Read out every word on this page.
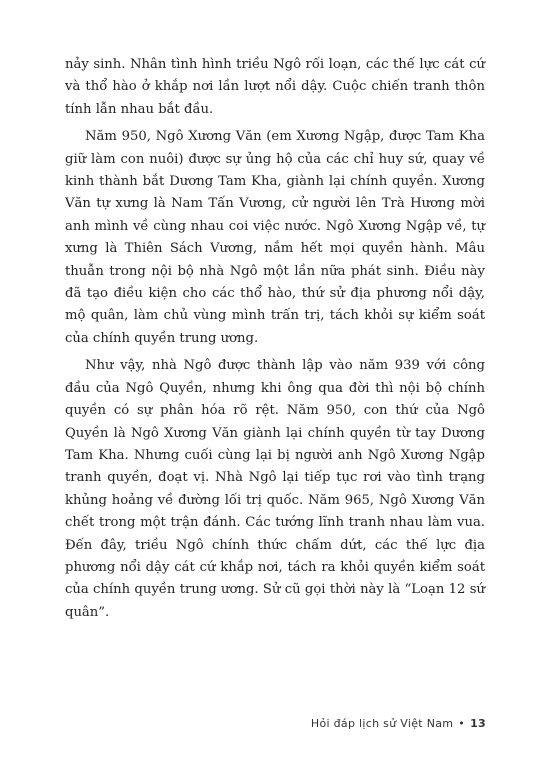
nảy sinh. Nhân tình hình triều Ngô rối loạn, các thế lực cát cứ và thổ hào ở khắp nơi lần lượt nổi dậy. Cuộc chiến tranh thôn tính lẫn nhau bắt đầu.

Năm 950, Ngô Xương Văn (em Xương Ngập, được Tam Kha giữ làm con nuôi) được sự ủng hộ của các chỉ huy sứ, quay về kinh thành bắt Dương Tam Kha, giành lại chính quyền. Xương Văn tự xưng là Nam Tấn Vương, cử người lên Trà Hương mời anh mình về cùng nhau coi việc nước. Ngô Xương Ngập về, tự xưng là Thiên Sách Vương, nắm hết mọi quyền hành. Mâu thuẫn trong nội bộ nhà Ngô một lần nữa phát sinh. Điều này đã tạo điều kiện cho các thổ hào, thứ sử địa phương nổi dậy, mộ quân, làm chủ vùng mình trấn trị, tách khỏi sự kiểm soát của chính quyền trung ương.

Như vậy, nhà Ngô được thành lập vào năm 939 với công đầu của Ngô Quyền, nhưng khi ông qua đời thì nội bộ chính quyền có sự phân hóa rõ rệt. Năm 950, con thứ của Ngô Quyền là Ngô Xương Văn giành lại chính quyền từ tay Dương Tam Kha. Nhưng cuối cùng lại bị người anh Ngô Xương Ngập tranh quyền, đoạt vị. Nhà Ngô lại tiếp tục rơi vào tình trạng khủng hoảng về đường lối trị quốc. Năm 965, Ngô Xương Văn chết trong một trận đánh. Các tướng lĩnh tranh nhau làm vua. Đến đây, triều Ngô chính thức chấm dứt, các thế lực địa phương nổi dậy cát cứ khắp nơi, tách ra khỏi quyền kiểm soát của chính quyền trung ương. Sử cũ gọi thời này là “Loạn 12 sứ quân”.

Hỏi đáp lịch sử Việt Nam • 13
